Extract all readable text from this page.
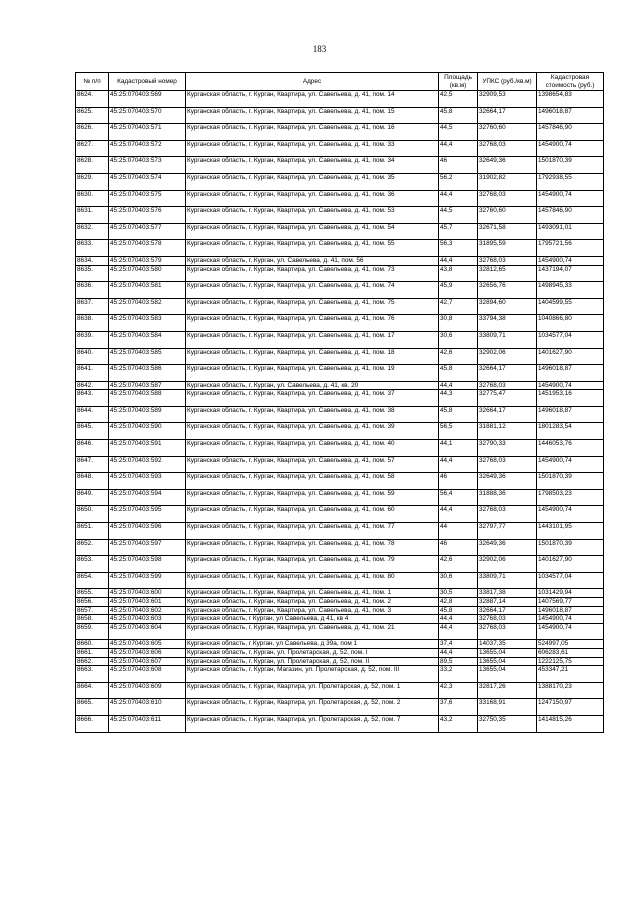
183
№ п/п	Кадастровый номер	Адрес	Площадь (кв.м)	УПКС (руб./кв.м)	Кадастровая стоимость (руб.)
8624.	45:25:070403:569	Курганская область, г. Курган, Квартира, ул. Савельева, д. 41, пом. 14	42,5	32909,53	1398654,83
8625.	45:25:070403:570	Курганская область, г. Курган, Квартира, ул. Савельева, д. 41, пом. 15	45,8	32664,17	1496018,87
8626.	45:25:070403:571	Курганская область, г. Курган, Квартира, ул. Савельева, д. 41, пом. 16	44,5	32760,60	1457846,90
8627.	45:25:070403:572	Курганская область, г. Курган, Квартира, ул. Савельева, д. 41, пом. 33	44,4	32768,03	1454900,74
8628.	45:25:070403:573	Курганская область, г. Курган, Квартира, ул. Савельева, д. 41, пом. 34	46	32649,36	1501870,39
8629.	45:25:070403:574	Курганская область, г. Курган, Квартира, ул. Савельева, д. 41, пом. 35	56,2	31902,82	1792938,55
8630.	45:25:070403:575	Курганская область, г. Курган, Квартира, ул. Савельева, д. 41, пом. 36	44,4	32768,03	1454900,74
8631.	45:25:070403:576	Курганская область, г. Курган, Квартира, ул. Савельева, д. 41, пом. 53	44,5	32760,60	1457846,90
8632.	45:25:070403:577	Курганская область, г. Курган, Квартира, ул. Савельева, д. 41, пом. 54	45,7	32671,58	1493091,01
8633.	45:25:070403:578	Курганская область, г. Курган, Квартира, ул. Савельева, д. 41, пом. 55	56,3	31895,59	1795721,56
8634.	45:25:070403:579	Курганская область, г. Курган, ул. Савельева, д. 41, пом. 56	44,4	32768,03	1454900,74
8635.	45:25:070403:580	Курганская область, г. Курган, Квартира, ул. Савельева, д. 41, пом. 73	43,8	32812,65	1437194,07
8636.	45:25:070403:581	Курганская область, г. Курган, Квартира, ул. Савельева, д. 41, пом. 74	45,9	32656,76	1498945,33
8637.	45:25:070403:582	Курганская область, г. Курган, Квартира, ул. Савельева, д. 41, пом. 75	42,7	32894,60	1404599,55
8638.	45:25:070403:583	Курганская область, г. Курган, Квартира, ул. Савельева, д. 41, пом. 76	30,8	33794,38	1040866,80
8639.	45:25:070403:584	Курганская область, г. Курган, Квартира, ул. Савельева, д. 41, пом. 17	30,6	33809,71	1034577,04
8640.	45:25:070403:585	Курганская область, г. Курган, Квартира, ул. Савельева, д. 41, пом. 18	42,6	32902,06	1401627,90
8641.	45:25:070403:586	Курганская область, г. Курган, Квартира, ул. Савельева, д. 41, пом. 19	45,8	32664,17	1496018,87
8642.	45:25:070403:587	Курганская область, г. Курган, ул. Савельева, д. 41, кв. 20	44,4	32768,03	1454900,74
8643.	45:25:070403:588	Курганская область, г. Курган, Квартира, ул. Савельева, д. 41, пом. 37	44,3	32775,47	1451953,16
8644.	45:25:070403:589	Курганская область, г. Курган, Квартира, ул. Савельева, д. 41, пом. 38	45,8	32664,17	1496018,87
8645.	45:25:070403:590	Курганская область, г. Курган, Квартира, ул. Савельева, д. 41, пом. 39	56,5	31881,12	1801283,54
8646.	45:25:070403:591	Курганская область, г. Курган, Квартира, ул. Савельева, д. 41, пом. 40	44,1	32790,33	1446053,76
8647.	45:25:070403:592	Курганская область, г. Курган, Квартира, ул. Савельева, д. 41, пом. 57	44,4	32768,03	1454900,74
8648.	45:25:070403:593	Курганская область, г. Курган, Квартира, ул. Савельева, д. 41, пом. 58	46	32649,36	1501870,39
8649.	45:25:070403:594	Курганская область, г. Курган, Квартира, ул. Савельева, д. 41, пом. 59	56,4	31888,36	1798503,23
8650.	45:25:070403:595	Курганская область, г. Курган, Квартира, ул. Савельева, д. 41, пом. 60	44,4	32768,03	1454900,74
8651.	45:25:070403:596	Курганская область, г. Курган, Квартира, ул. Савельева, д. 41, пом. 77	44	32797,77	1443101,95
8652.	45:25:070403:597	Курганская область, г. Курган, Квартира, ул. Савельева, д. 41, пом. 78	46	32649,36	1501870,39
8653.	45:25:070403:598	Курганская область, г. Курган, Квартира, ул. Савельева, д. 41, пом. 79	42,6	32902,06	1401627,90
8654.	45:25:070403:599	Курганская область, г. Курган, Квартира, ул. Савельева, д. 41, пом. 80	30,6	33809,71	1034577,04
8655.	45:25:070403:600	Курганская область, г. Курган, Квартира, ул. Савельева, д. 41, пом. 1	30,5	33817,38	1031429,94
8656.	45:25:070403:601	Курганская область, г. Курган, Квартира, ул. Савельева, д. 41, пом. 2	42,8	32887,14	1407569,77
8657.	45:25:070403:602	Курганская область, г. Курган, Квартира, ул. Савельева, д. 41, пом. 3	45,8	32664,17	1496018,87
8658.	45:25:070403:603	Курганская область, г Курган, ул Савельева, д 41, кв 4	44,4	32768,03	1454900,74
8659.	45:25:070403:604	Курганская область, г. Курган, Квартира, ул. Савельева, д. 41, пом. 21	44,4	32768,03	1454900,74
8660.	45:25:070403:605	Курганская область, г Курган, ул Савельева, д 39а, пом 1	37,4	14037,35	524997,05
8661.	45:25:070403:606	Курганская область, г. Курган, ул. Пролетарская, д. 52, пом. I	44,4	13655,04	606283,61
8662.	45:25:070403:607	Курганская область, г. Курган, ул. Пролетарская, д. 52, пом. II	89,5	13655,04	1222125,75
8663.	45:25:070403:608	Курганская область, г. Курган, Магазин, ул. Пролетарская, д. 52, пом. III	33,2	13655,04	453347,21
8664.	45:25:070403:609	Курганская область, г. Курган, Квартира, ул. Пролетарская, д. 52, пом. 1	42,3	32817,26	1388170,23
8665.	45:25:070403:610	Курганская область, г. Курган, Квартира, ул. Пролетарская, д. 52, пом. 2	37,6	33168,91	1247150,97
8666.	45:25:070403:611	Курганская область, г. Курган, Квартира, ул. Пролетарская, д. 52, пом. 7	43,2	32750,35	1414815,26
